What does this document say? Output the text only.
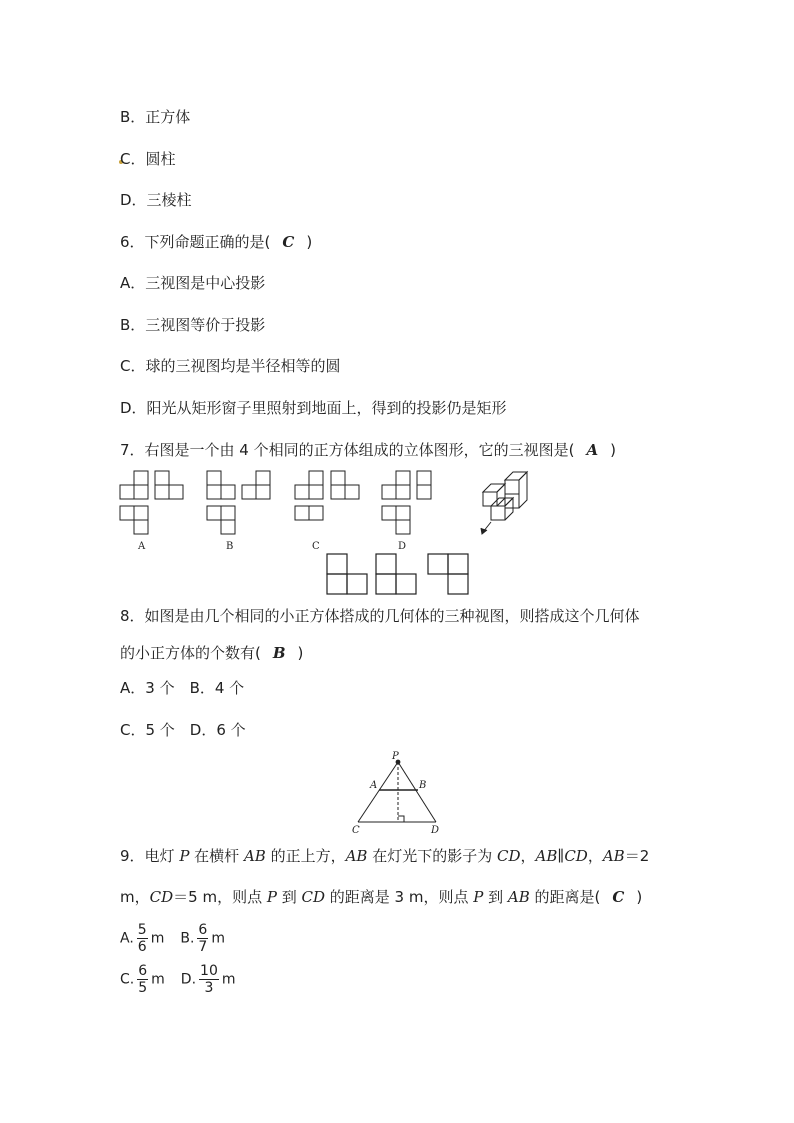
B．正方体
C．圆柱
D．三棱柱
6．下列命题正确的是( C )
A．三视图是中心投影
B．三视图等价于投影
C．球的三视图均是半径相等的圆
D．阳光从矩形窗子里照射到地面上，得到的投影仍是矩形
7．右图是一个由 4 个相同的正方体组成的立体图形，它的三视图是( A )
A	B	C	D
8．如图是由几个相同的小正方体搭成的几何体的三种视图，则搭成这个几何体
的小正方体的个数有( B )
A．3 个　B．4 个
C．5 个　D．6 个
P
A	B
C	D
9．电灯 P 在横杆 AB 的正上方，AB 在灯光下的影子为 CD，AB∥CD，AB＝2
m，CD＝5 m，则点 P 到 CD 的距离是 3 m，则点 P 到 AB 的距离是( C )
A. $\frac{5}{6}$ m B. $\frac{6}{7}$ m
C. $\frac{6}{5}$ m D. $\frac{10}{3}$ m
